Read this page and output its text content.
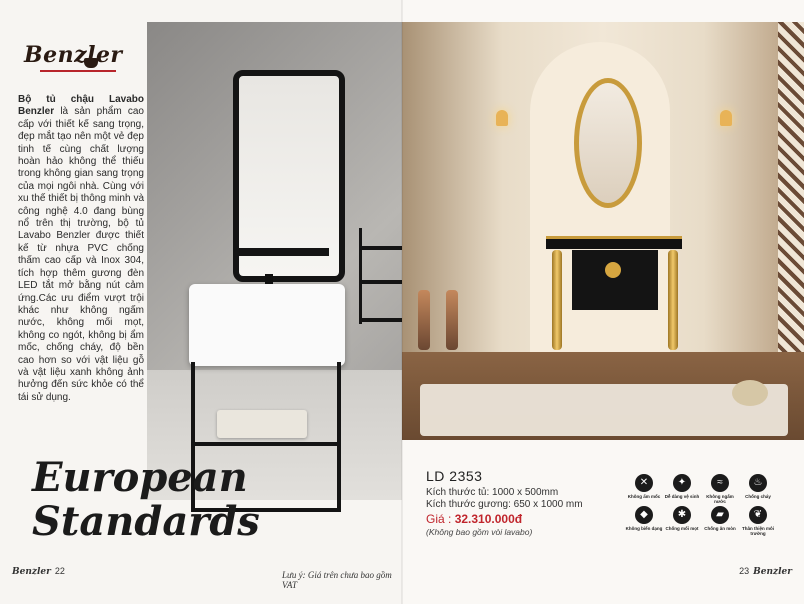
Benzler
Bộ tủ chậu Lavabo Benzler là sản phẩm cao cấp với thiết kế sang trọng, đẹp mắt tạo nên một vẻ đẹp tinh tế cùng chất lượng hoàn hảo không thể thiếu trong không gian sang trọng của mọi ngôi nhà. Cùng với xu thế thiết bị thông minh và công nghệ 4.0 đang bùng nổ trên thị trường, bộ tủ Lavabo Benzler được thiết kế từ nhựa PVC chống thấm cao cấp và Inox 304, tích hợp thêm gương đèn LED tắt mở bằng nút cảm ứng.Các ưu điểm vượt trội khác như không ngấm nước, không mối mọt, không co ngót, không bị ẩm mốc, chống cháy, độ bền cao hơn so với vật liệu gỗ và vật liệu xanh không ảnh hưởng đến sức khỏe có thể tái sử dụng.
European
Standards
Benzler 22	Lưu ý: Giá trên chưa bao gồm VAT
LD 2353
Kích thước tủ: 1000 x 500mm
Kích thước gương: 650 x 1000 mm
Giá : 32.310.000đ
(Không bao gồm vòi lavabo)
✕
Không ẩm mốc
✦
Dễ dàng vệ sinh
≈
Không ngấm nước
♨
Chống cháy
◆
Không biến dạng
✱
Chống mối mọt
▰
Chống ăn mòn
❦
Thân thiện môi trường
23 Benzler
